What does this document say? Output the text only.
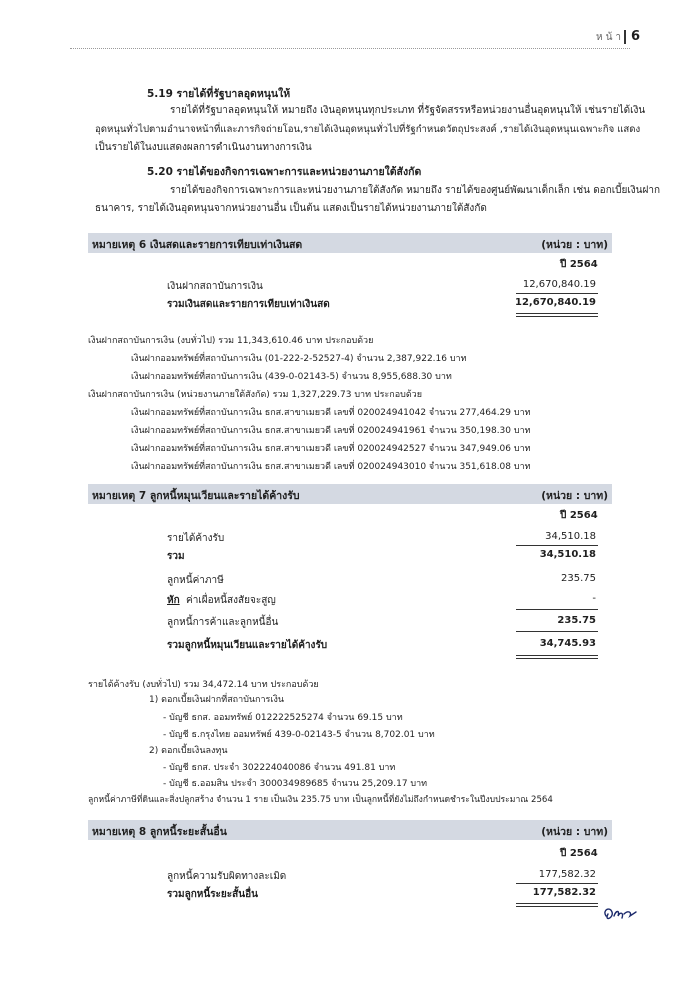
หน้า 6
5.19 รายได้ที่รัฐบาลอุดหนุนให้
รายได้ที่รัฐบาลอุดหนุนให้ หมายถึง เงินอุดหนุนทุกประเภท ที่รัฐจัดสรรหรือหน่วยงานอื่นอุดหนุนให้ เช่นรายได้เงิน
อุดหนุนทั่วไปตามอำนาจหน้าที่และภารกิจถ่ายโอน,รายได้เงินอุดหนุนทั่วไปที่รัฐกำหนดวัตถุประสงค์ ,รายได้เงินอุดหนุนเฉพาะกิจ แสดง
เป็นรายได้ในงบแสดงผลการดำเนินงานทางการเงิน
5.20 รายได้ของกิจการเฉพาะการและหน่วยงานภายใต้สังกัด
รายได้ของกิจการเฉพาะการและหน่วยงานภายใต้สังกัด หมายถึง รายได้ของศูนย์พัฒนาเด็กเล็ก เช่น ดอกเบี้ยเงินฝาก
ธนาคาร, รายได้เงินอุดหนุนจากหน่วยงานอื่น เป็นต้น แสดงเป็นรายได้หน่วยงานภายใต้สังกัด
หมายเหตุ 6 เงินสดและรายการเทียบเท่าเงินสด	(หน่วย : บาท)
ปี 2564
เงินฝากสถาบันการเงิน	12,670,840.19
รวมเงินสดและรายการเทียบเท่าเงินสด	12,670,840.19
เงินฝากสถาบันการเงิน (งบทั่วไป) รวม 11,343,610.46 บาท ประกอบด้วย
เงินฝากออมทรัพย์ที่สถาบันการเงิน (01-222-2-52527-4) จำนวน 2,387,922.16 บาท
เงินฝากออมทรัพย์ที่สถาบันการเงิน (439-0-02143-5) จำนวน 8,955,688.30 บาท
เงินฝากสถาบันการเงิน (หน่วยงานภายใต้สังกัด) รวม 1,327,229.73 บาท ประกอบด้วย
เงินฝากออมทรัพย์ที่สถาบันการเงิน ธกส.สาขาเมยวดี เลขที่ 020024941042 จำนวน 277,464.29 บาท
เงินฝากออมทรัพย์ที่สถาบันการเงิน ธกส.สาขาเมยวดี เลขที่ 020024941961 จำนวน 350,198.30 บาท
เงินฝากออมทรัพย์ที่สถาบันการเงิน ธกส.สาขาเมยวดี เลขที่ 020024942527 จำนวน 347,949.06 บาท
เงินฝากออมทรัพย์ที่สถาบันการเงิน ธกส.สาขาเมยวดี เลขที่ 020024943010 จำนวน 351,618.08 บาท
หมายเหตุ 7 ลูกหนี้หมุนเวียนและรายได้ค้างรับ	(หน่วย : บาท)
ปี 2564
รายได้ค้างรับ	34,510.18
รวม	34,510.18
ลูกหนี้ค่าภาษี	235.75
หัก ค่าเผื่อหนี้สงสัยจะสูญ	-
ลูกหนี้การค้าและลูกหนี้อื่น	235.75
รวมลูกหนี้หมุนเวียนและรายได้ค้างรับ	34,745.93
รายได้ค้างรับ (งบทั่วไป) รวม 34,472.14 บาท ประกอบด้วย
1) ดอกเบี้ยเงินฝากที่สถาบันการเงิน
- บัญชี ธกส. ออมทรัพย์ 012222525274 จำนวน 69.15 บาท
- บัญชี ธ.กรุงไทย ออมทรัพย์ 439-0-02143-5 จำนวน 8,702.01 บาท
2) ดอกเบี้ยเงินลงทุน
- บัญชี ธกส. ประจำ 302224040086 จำนวน 491.81 บาท
- บัญชี ธ.ออมสิน ประจำ 300034989685 จำนวน 25,209.17 บาท
ลูกหนี้ค่าภาษีที่ดินและสิ่งปลูกสร้าง จำนวน 1 ราย เป็นเงิน 235.75 บาท เป็นลูกหนี้ที่ยังไม่ถึงกำหนดชำระในปีงบประมาณ 2564
หมายเหตุ 8 ลูกหนี้ระยะสั้นอื่น	(หน่วย : บาท)
ปี 2564
ลูกหนี้ความรับผิดทางละเมิด	177,582.32
รวมลูกหนี้ระยะสั้นอื่น	177,582.32
